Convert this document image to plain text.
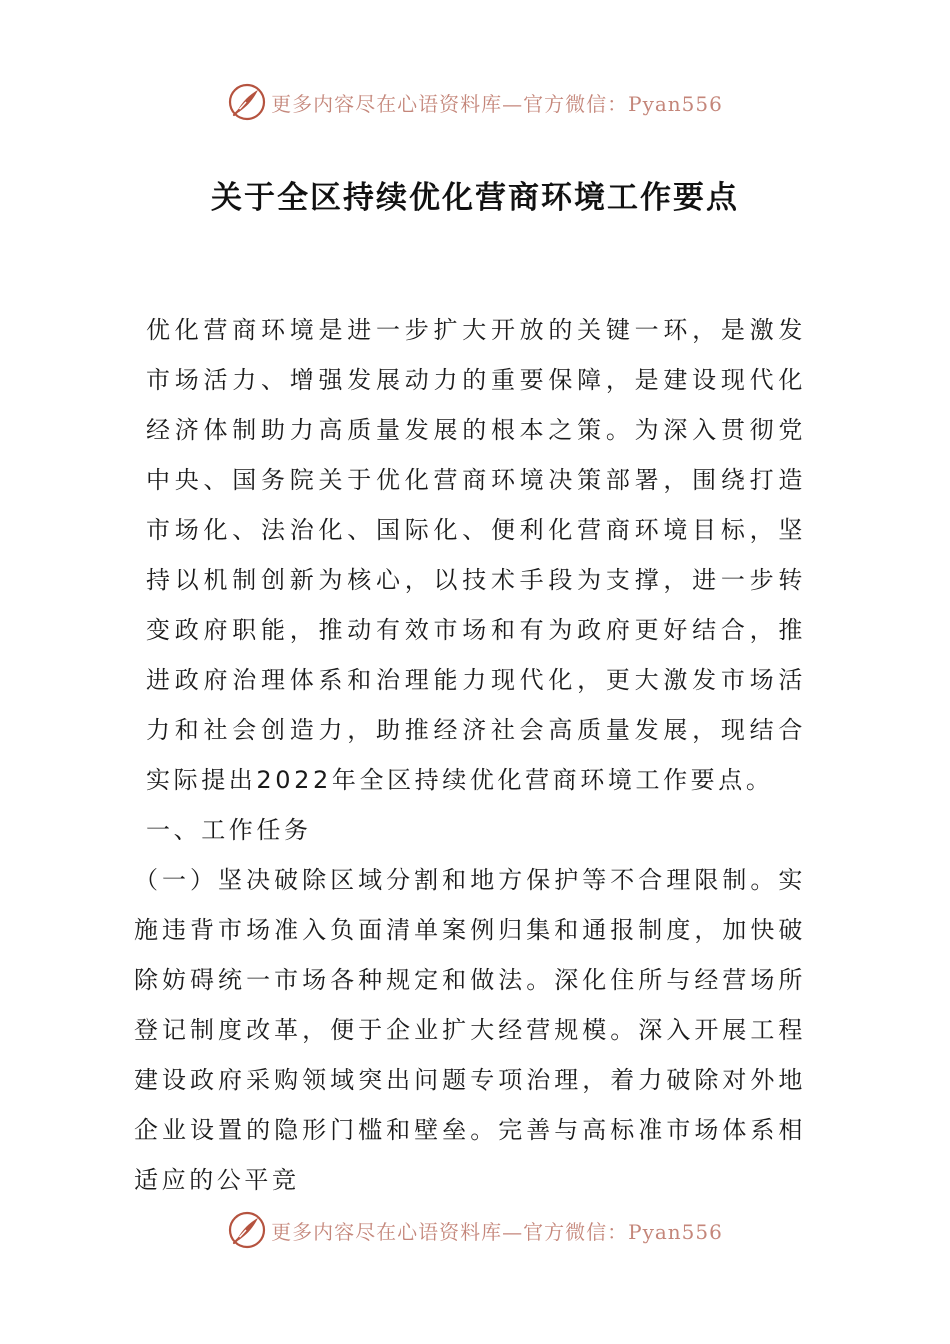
更多内容尽在心语资料库—官方微信：Pyan556
关于全区持续优化营商环境工作要点

优化营商环境是进一步扩大开放的关键一环，是激发市场活力、增强发展动力的重要保障，是建设现代化经济体制助力高质量发展的根本之策。为深入贯彻党中央、国务院关于优化营商环境决策部署，围绕打造市场化、法治化、国际化、便利化营商环境目标，坚持以机制创新为核心，以技术手段为支撑，进一步转变政府职能，推动有效市场和有为政府更好结合，推进政府治理体系和治理能力现代化，更大激发市场活力和社会创造力，助推经济社会高质量发展，现结合实际提出2022年全区持续优化营商环境工作要点。

一、工作任务

（一）坚决破除区域分割和地方保护等不合理限制。实施违背市场准入负面清单案例归集和通报制度，加快破除妨碍统一市场各种规定和做法。深化住所与经营场所登记制度改革，便于企业扩大经营规模。深入开展工程建设政府采购领域突出问题专项治理，着力破除对外地企业设置的隐形门槛和壁垒。完善与高标准市场体系相适应的公平竞

更多内容尽在心语资料库—官方微信：Pyan556
